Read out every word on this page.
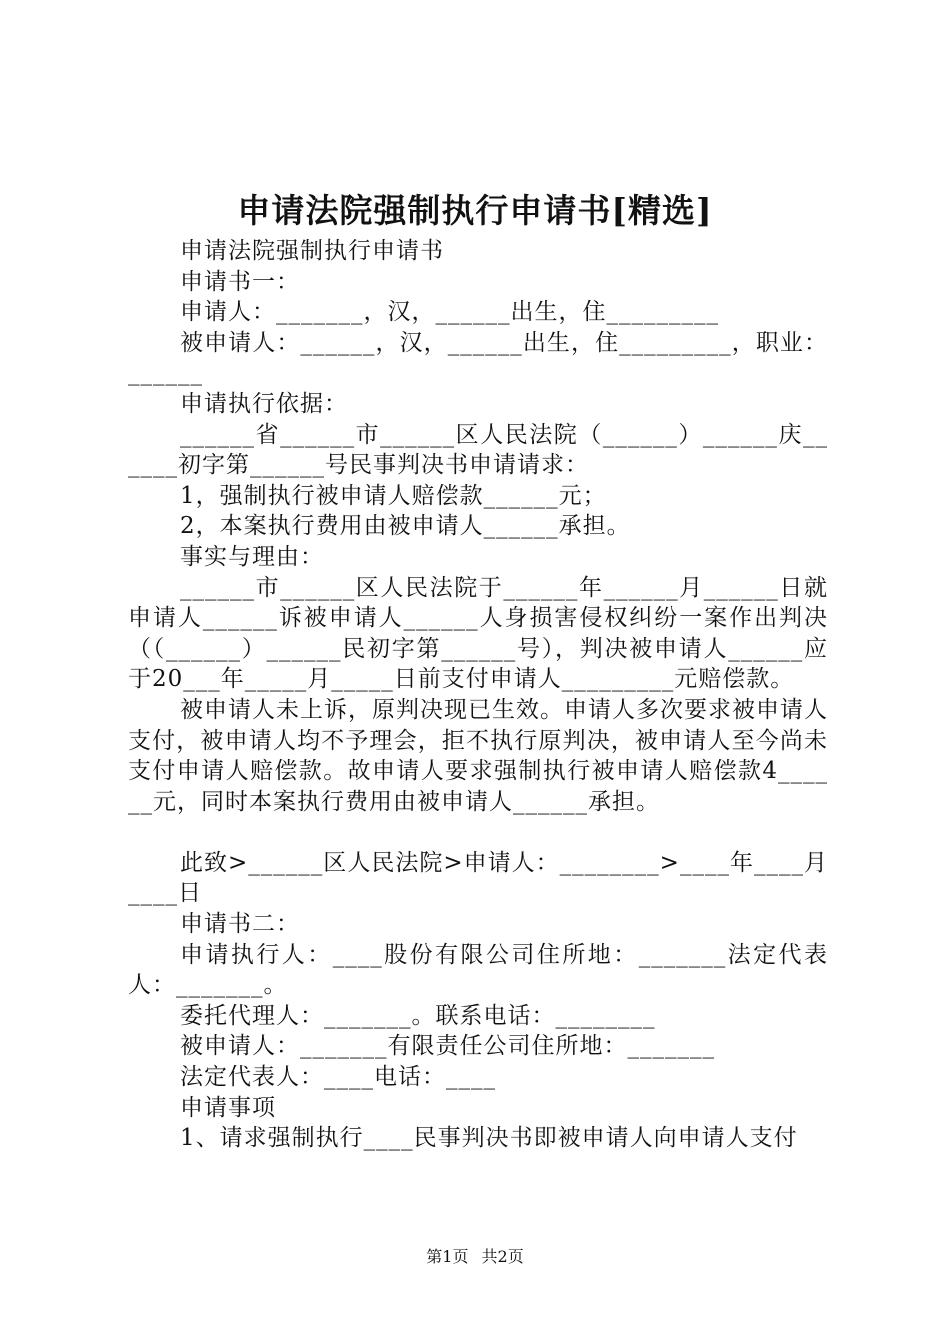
申请法院强制执行申请书[精选]

申请法院强制执行申请书

申请书一：

申请人：_______，汉，______出生，住_________

被申请人：______，汉，______出生，住_________，职业：______

申请执行依据：

______省______市______区人民法院（______）______庆______初字第______号民事判决书申请请求：

1，强制执行被申请人赔偿款______元；

2，本案执行费用由被申请人______承担。

事实与理由：

______市______区人民法院于______年______月______日就申请人______诉被申请人______人身损害侵权纠纷一案作出判决（（______）______民初字第______号），判决被申请人______应于20___年_____月_____日前支付申请人_________元赔偿款。

被申请人未上诉，原判决现已生效。申请人多次要求被申请人支付，被申请人均不予理会，拒不执行原判决，被申请人至今尚未支付申请人赔偿款。故申请人要求强制执行被申请人赔偿款4______元，同时本案执行费用由被申请人______承担。

此致>______区人民法院>申请人：________>____年____月____日

申请书二：

申请执行人：____股份有限公司住所地：_______法定代表人：_______。

委托代理人：_______。联系电话：________

被申请人：_______有限责任公司住所地：_______

法定代表人：____电话：____

申请事项

1、请求强制执行____民事判决书即被申请人向申请人支付

第1页 共2页
